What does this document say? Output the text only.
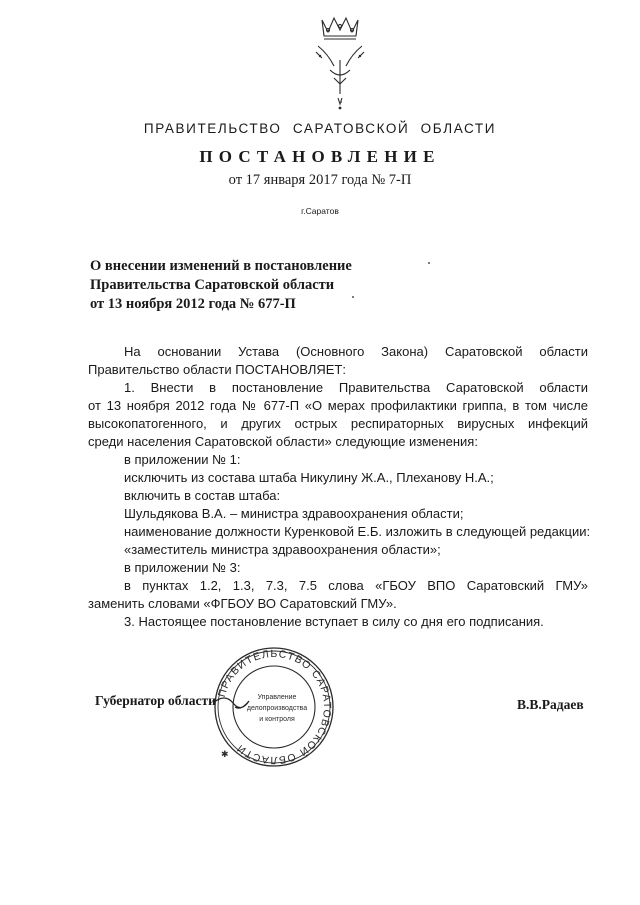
ПРАВИТЕЛЬСТВО САРАТОВСКОЙ ОБЛАСТИ
ПОСТАНОВЛЕНИЕ
от 17 января 2017 года № 7-П
г.Саратов
О внесении изменений в постановление
Правительства Саратовской области
от 13 ноября 2012 года № 677-П
На основании Устава (Основного Закона) Саратовской области
Правительство области ПОСТАНОВЛЯЕТ:
1. Внести в постановление Правительства Саратовской области
от 13 ноября 2012 года № 677-П «О мерах профилактики гриппа, в том числе
высокопатогенного, и других острых респираторных вирусных инфекций
среди населения Саратовской области» следующие изменения:
в приложении № 1:
исключить из состава штаба Никулину Ж.А., Плеханову Н.А.;
включить в состав штаба:
Шульдякова В.А. – министра здравоохранения области;
наименование должности Куренковой Е.Б. изложить в следующей редакции:
«заместитель министра здравоохранения области»;
в приложении № 3:
в пунктах 1.2, 1.3, 7.3, 7.5 слова «ГБОУ ВПО Саратовский ГМУ»
заменить словами «ФГБОУ ВО Саратовский ГМУ».
3. Настоящее постановление вступает в силу со дня его подписания.
Губернатор области	В.В.Радаев
ПРАВИТЕЛЬСТВО САРАТОВСКОЙ ОБЛАСТИ
✱
Управление
делопроизводства
и контроля
